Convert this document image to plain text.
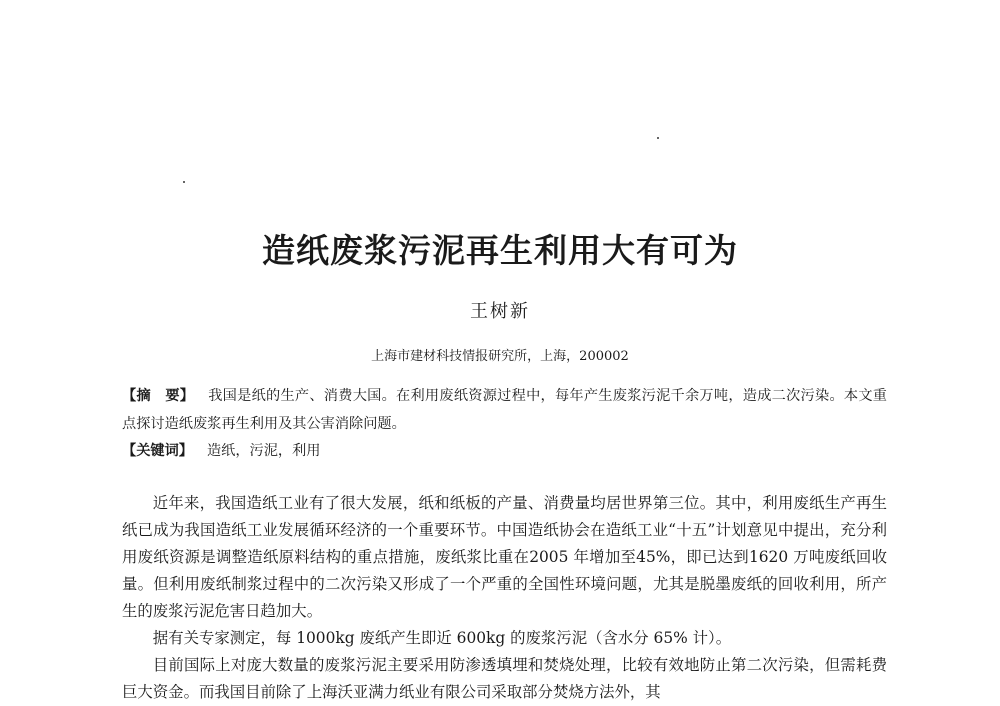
造纸废浆污泥再生利用大有可为
王树新
上海市建材科技情报研究所，上海，200002
【摘　要】 我国是纸的生产、消费大国。在利用废纸资源过程中，每年产生废浆污泥千余万吨，造成二次污染。本文重点探讨造纸废浆再生利用及其公害消除问题。
【关键词】 造纸，污泥，利用

近年来，我国造纸工业有了很大发展，纸和纸板的产量、消费量均居世界第三位。其中，利用废纸生产再生纸已成为我国造纸工业发展循环经济的一个重要环节。中国造纸协会在造纸工业“十五”计划意见中提出，充分利用废纸资源是调整造纸原料结构的重点措施，废纸浆比重在2005 年增加至45%，即已达到1620 万吨废纸回收量。但利用废纸制浆过程中的二次污染又形成了一个严重的全国性环境问题，尤其是脱墨废纸的回收利用，所产生的废浆污泥危害日趋加大。

据有关专家测定，每 1000kg 废纸产生即近 600kg 的废浆污泥（含水分 65% 计）。

目前国际上对庞大数量的废浆污泥主要采用防渗透填埋和焚烧处理，比较有效地防止第二次污染，但需耗费巨大资金。而我国目前除了上海沃亚满力纸业有限公司采取部分焚烧方法外，其
